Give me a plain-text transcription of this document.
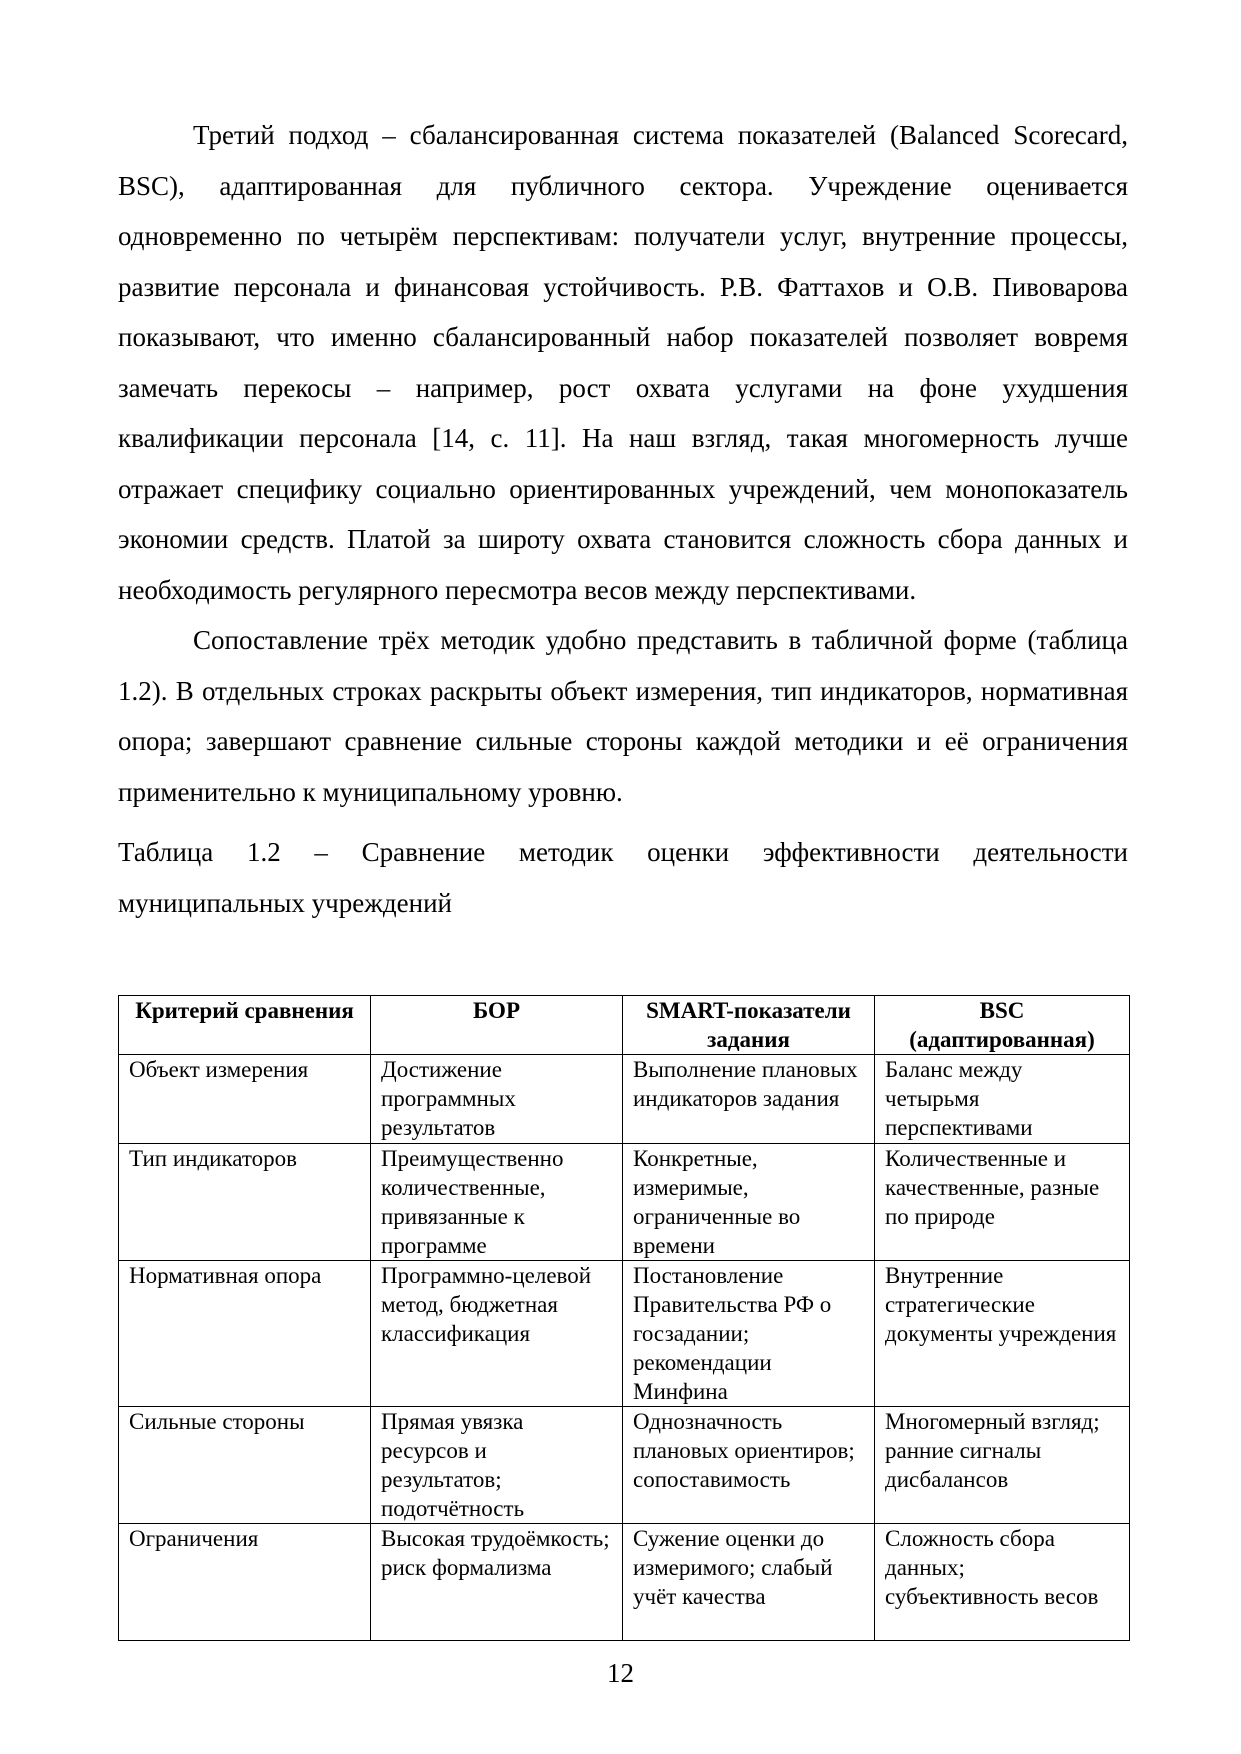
Третий подход – сбалансированная система показателей (Balanced Scorecard, BSC), адаптированная для публичного сектора. Учреждение оценивается одновременно по четырём перспективам: получатели услуг, внутренние процессы, развитие персонала и финансовая устойчивость. Р.В. Фаттахов и О.В. Пивоварова показывают, что именно сбалансированный набор показателей позволяет вовремя замечать перекосы – например, рост охвата услугами на фоне ухудшения квалификации персонала [14, с. 11]. На наш взгляд, такая многомерность лучше отражает специфику социально ориентированных учреждений, чем монопоказатель экономии средств. Платой за широту охвата становится сложность сбора данных и необходимость регулярного пересмотра весов между перспективами.

Сопоставление трёх методик удобно представить в табличной форме (таблица 1.2). В отдельных строках раскрыты объект измерения, тип индикаторов, нормативная опора; завершают сравнение сильные стороны каждой методики и её ограничения применительно к муниципальному уровню.

Таблица 1.2 – Сравнение методик оценки эффективности деятельности муниципальных учреждений

Критерий сравнения	БОР	SMART-показатели задания	BSC (адаптированная)
Объект измерения	Достижение программных результатов	Выполнение плановых индикаторов задания	Баланс между четырьмя перспективами
Тип индикаторов	Преимущественно количественные, привязанные к программе	Конкретные, измеримые, ограниченные во времени	Количественные и качественные, разные по природе
Нормативная опора	Программно-целевой метод, бюджетная классификация	Постановление Правительства РФ о госзадании; рекомендации Минфина	Внутренние стратегические документы учреждения
Сильные стороны	Прямая увязка ресурсов и результатов; подотчётность	Однозначность плановых ориентиров; сопоставимость	Многомерный взгляд; ранние сигналы дисбалансов
Ограничения	Высокая трудоёмкость; риск формализма	Сужение оценки до измеримого; слабый учёт качества	Сложность сбора данных; субъективность весов
12
